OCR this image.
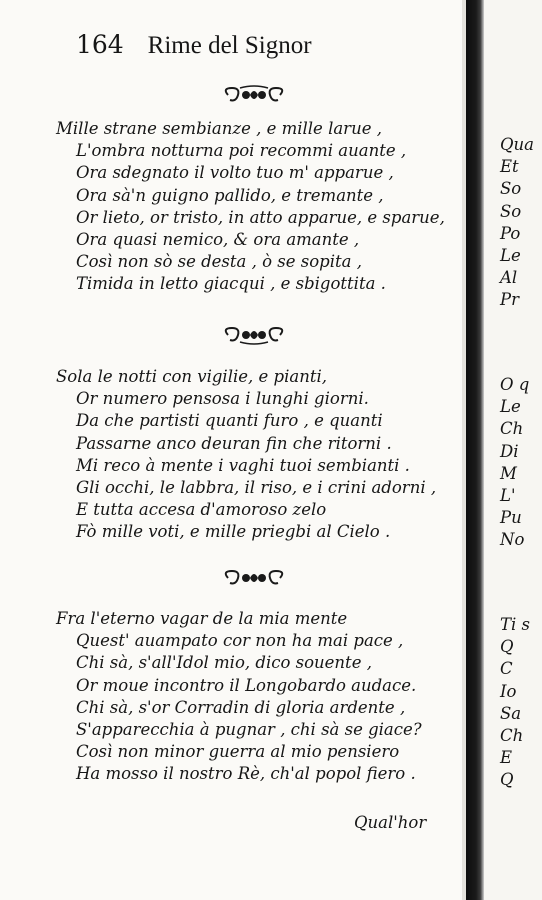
164 Rime del Signor
Mille strane sembianze , e mille larue ,
L'ombra notturna poi recommi auante ,
Ora sdegnato il volto tuo m' apparue ,
Ora sà'n guigno pallido, e tremante ,
Or lieto, or tristo, in atto apparue, e sparue,
Ora quasi nemico, & ora amante ,
Così non sò se desta , ò se sopita ,
Timida in letto giacqui , e sbigottita .
Sola le notti con vigilie, e pianti,
Or numero pensosa i lunghi giorni.
Da che partisti quanti furo , e quanti
Passarne anco deuran fin che ritorni .
Mi reco à mente i vaghi tuoi sembianti .
Gli occhi, le labbra, il riso, e i crini adorni ,
E tutta accesa d'amoroso zelo
Fò mille voti, e mille priegbi al Cielo .
Fra l'eterno vagar de la mia mente
Quest' auampato cor non ha mai pace ,
Chi sà, s'all'Idol mio, dico souente ,
Or moue incontro il Longobardo audace.
Chi sà, s'or Corradin di gloria ardente ,
S'apparecchia à pugnar , chi sà se giace?
Così non minor guerra al mio pensiero
Ha mosso il nostro Rè, ch'al popol fiero .
Qual'hor
Qua
Et
So
So
Po
Le
Al
Pr
O q
Le
Ch
Di
M
L'
Pu
No
Ti s
Q
C
Io
Sa
Ch
E
Q
